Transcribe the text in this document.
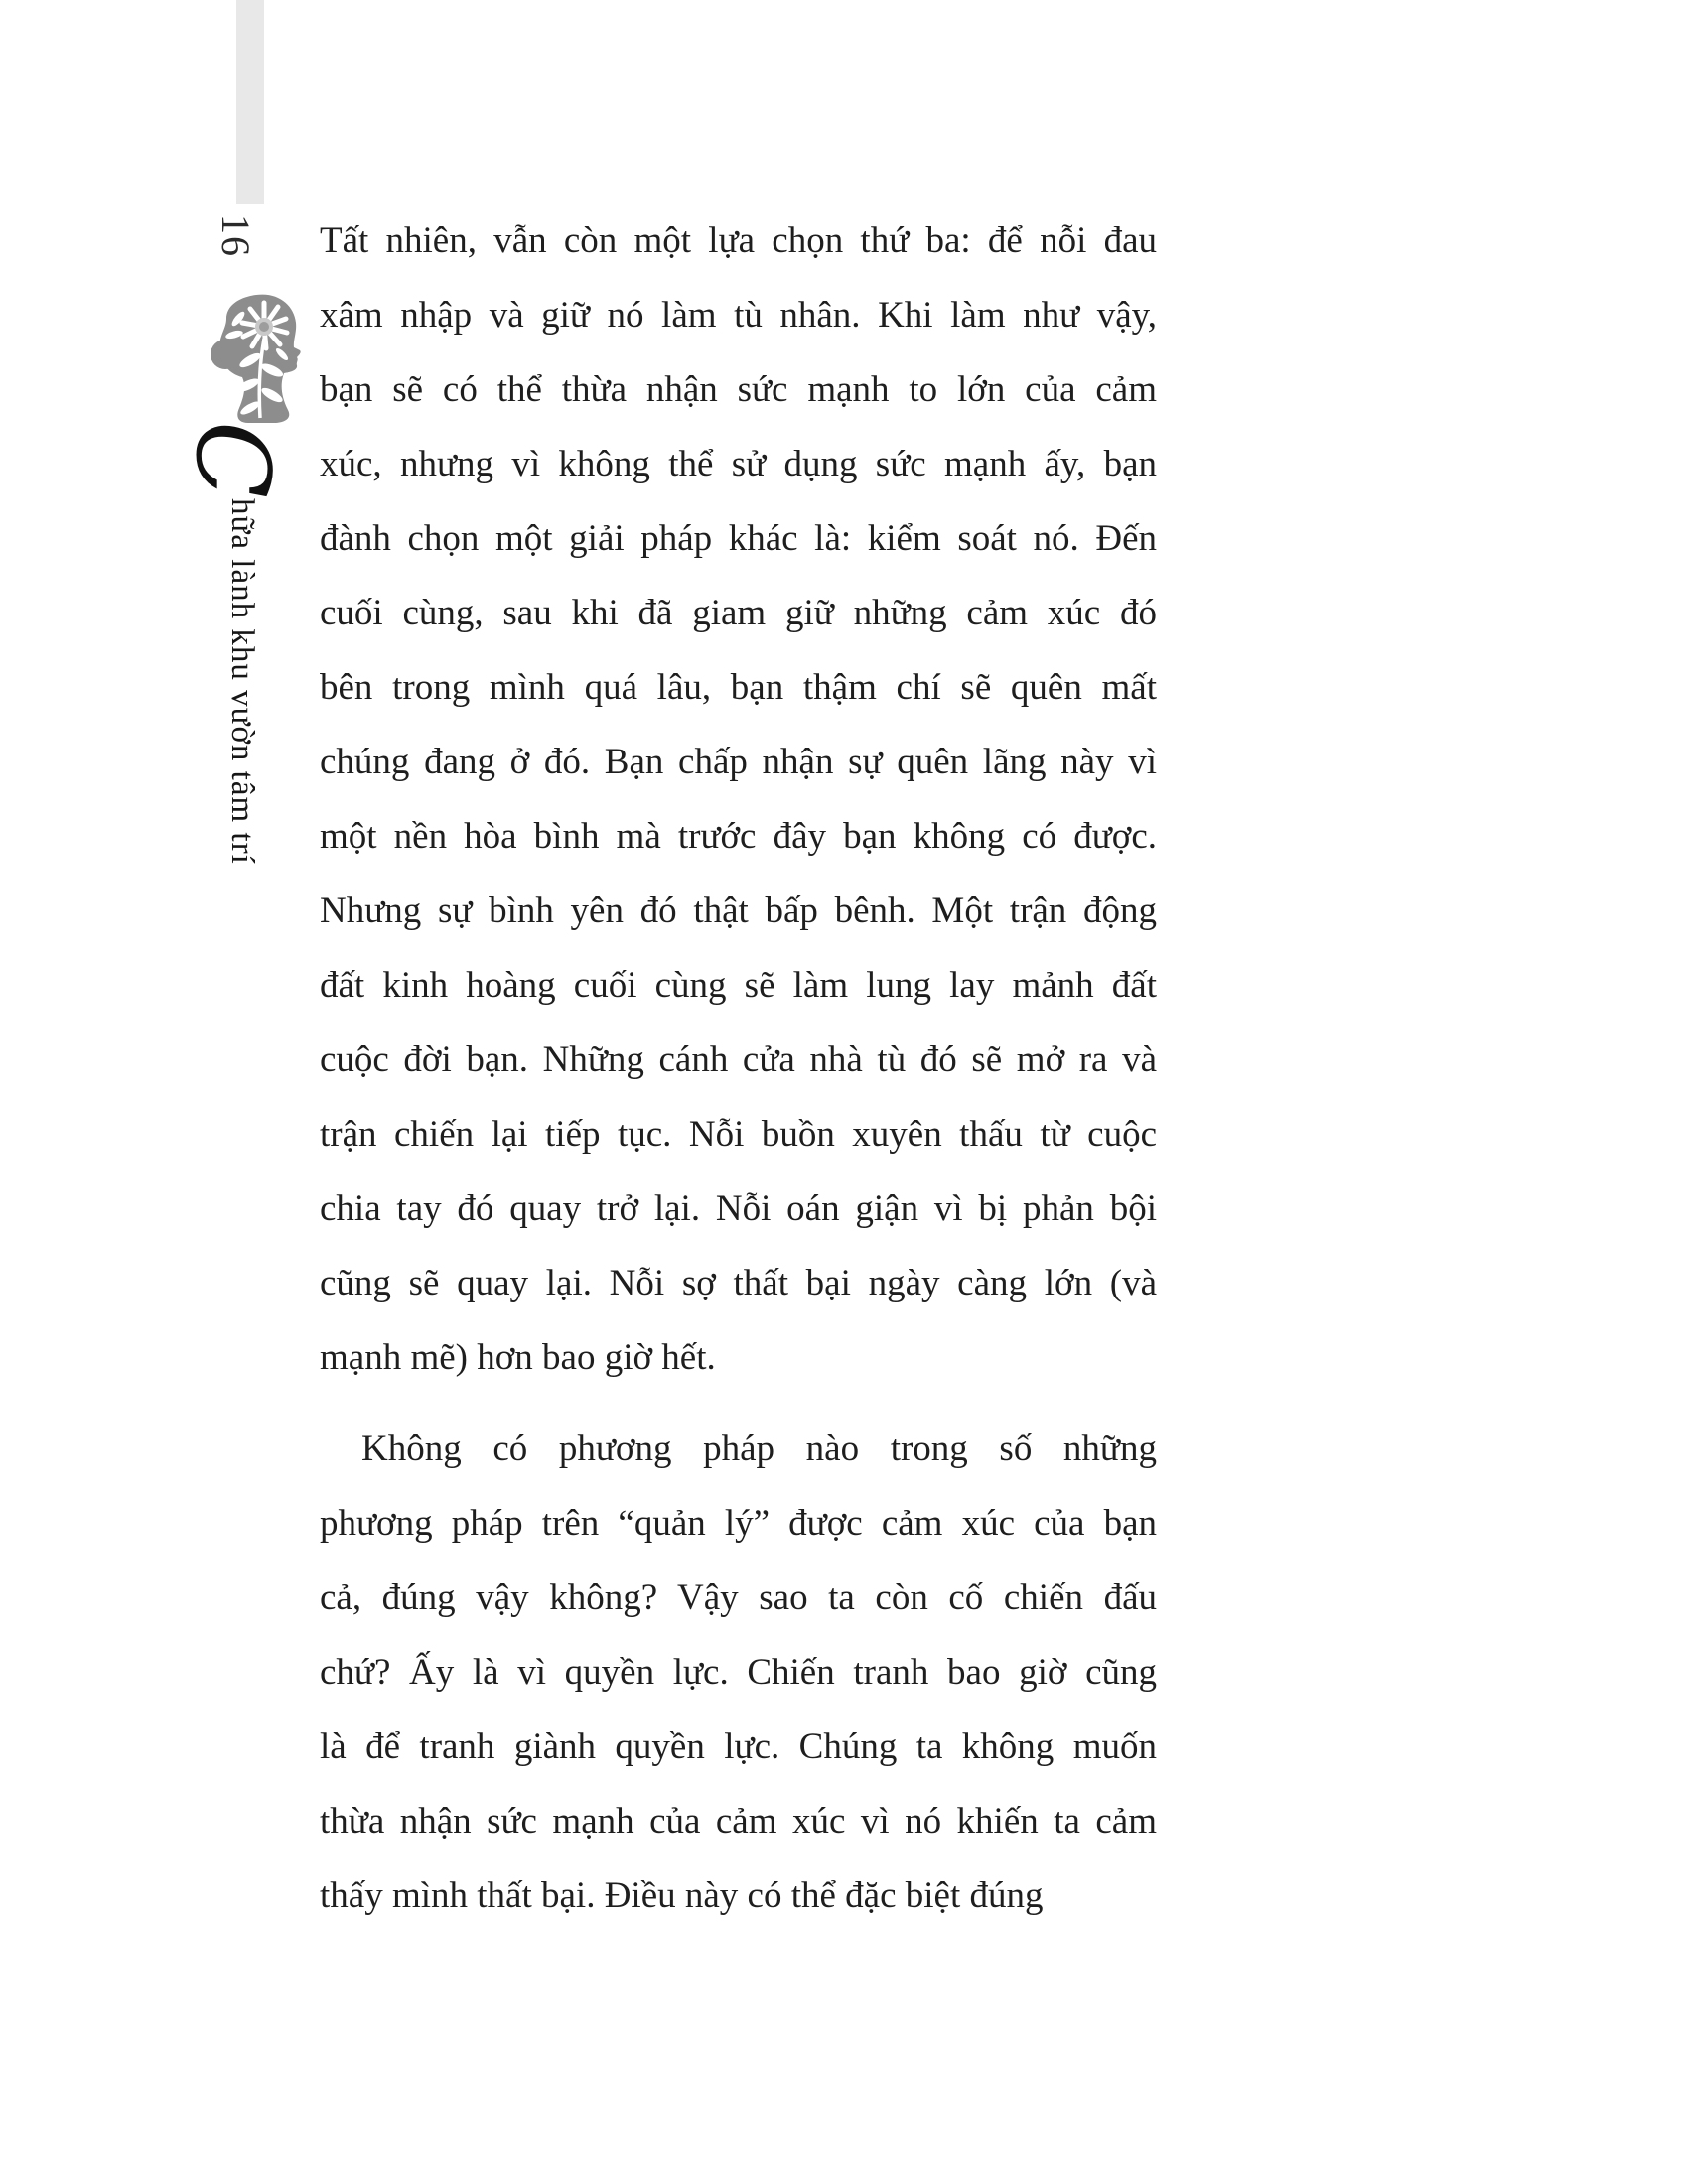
16
C
hữa lành khu vườn tâm trí
Tất nhiên, vẫn còn một lựa chọn thứ ba: để nỗi đau
xâm nhập và giữ nó làm tù nhân. Khi làm như vậy,
bạn sẽ có thể thừa nhận sức mạnh to lớn của cảm
xúc, nhưng vì không thể sử dụng sức mạnh ấy, bạn
đành chọn một giải pháp khác là: kiểm soát nó. Đến
cuối cùng, sau khi đã giam giữ những cảm xúc đó
bên trong mình quá lâu, bạn thậm chí sẽ quên mất
chúng đang ở đó. Bạn chấp nhận sự quên lãng này vì
một nền hòa bình mà trước đây bạn không có được.
Nhưng sự bình yên đó thật bấp bênh. Một trận động
đất kinh hoàng cuối cùng sẽ làm lung lay mảnh đất
cuộc đời bạn. Những cánh cửa nhà tù đó sẽ mở ra và
trận chiến lại tiếp tục. Nỗi buồn xuyên thấu từ cuộc
chia tay đó quay trở lại. Nỗi oán giận vì bị phản bội
cũng sẽ quay lại. Nỗi sợ thất bại ngày càng lớn (và
mạnh mẽ) hơn bao giờ hết.
Không có phương pháp nào trong số những
phương pháp trên “quản lý” được cảm xúc của bạn
cả, đúng vậy không? Vậy sao ta còn cố chiến đấu
chứ? Ấy là vì quyền lực. Chiến tranh bao giờ cũng
là để tranh giành quyền lực. Chúng ta không muốn
thừa nhận sức mạnh của cảm xúc vì nó khiến ta cảm
thấy mình thất bại. Điều này có thể đặc biệt đúng
